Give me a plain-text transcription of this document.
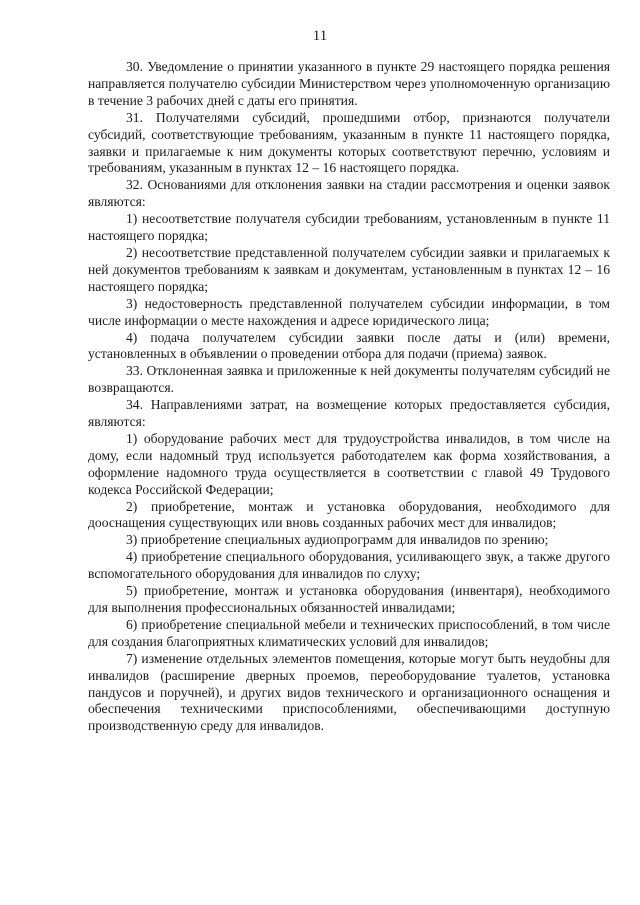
11

30. Уведомление о принятии указанного в пункте 29 настоящего порядка решения направляется получателю субсидии Министерством через уполномоченную организацию в течение 3 рабочих дней с даты его принятия.

31. Получателями субсидий, прошедшими отбор, признаются получатели субсидий, соответствующие требованиям, указанным в пункте 11 настоящего порядка, заявки и прилагаемые к ним документы которых соответствуют перечню, условиям и требованиям, указанным в пунктах 12 – 16 настоящего порядка.

32. Основаниями для отклонения заявки на стадии рассмотрения и оценки заявок являются:

1) несоответствие получателя субсидии требованиям, установленным в пункте 11 настоящего порядка;

2) несоответствие представленной получателем субсидии заявки и прилагаемых к ней документов требованиям к заявкам и документам, установленным в пунктах 12 – 16 настоящего порядка;

3) недостоверность представленной получателем субсидии информации, в том числе информации о месте нахождения и адресе юридического лица;

4) подача получателем субсидии заявки после даты и (или) времени, установленных в объявлении о проведении отбора для подачи (приема) заявок.

33. Отклоненная заявка и приложенные к ней документы получателям субсидий не возвращаются.

34. Направлениями затрат, на возмещение которых предоставляется субсидия, являются:

1) оборудование рабочих мест для трудоустройства инвалидов, в том числе на дому, если надомный труд используется работодателем как форма хозяйствования, а оформление надомного труда осуществляется в соответствии с главой 49 Трудового кодекса Российской Федерации;

2) приобретение, монтаж и установка оборудования, необходимого для дооснащения существующих или вновь созданных рабочих мест для инвалидов;

3) приобретение специальных аудиопрограмм для инвалидов по зрению;

4) приобретение специального оборудования, усиливающего звук, а также другого вспомогательного оборудования для инвалидов по слуху;

5) приобретение, монтаж и установка оборудования (инвентаря), необходимого для выполнения профессиональных обязанностей инвалидами;

6) приобретение специальной мебели и технических приспособлений, в том числе для создания благоприятных климатических условий для инвалидов;

7) изменение отдельных элементов помещения, которые могут быть неудобны для инвалидов (расширение дверных проемов, переоборудование туалетов, установка пандусов и поручней), и других видов технического и организационного оснащения и обеспечения техническими приспособлениями, обеспечивающими доступную производственную среду для инвалидов.
